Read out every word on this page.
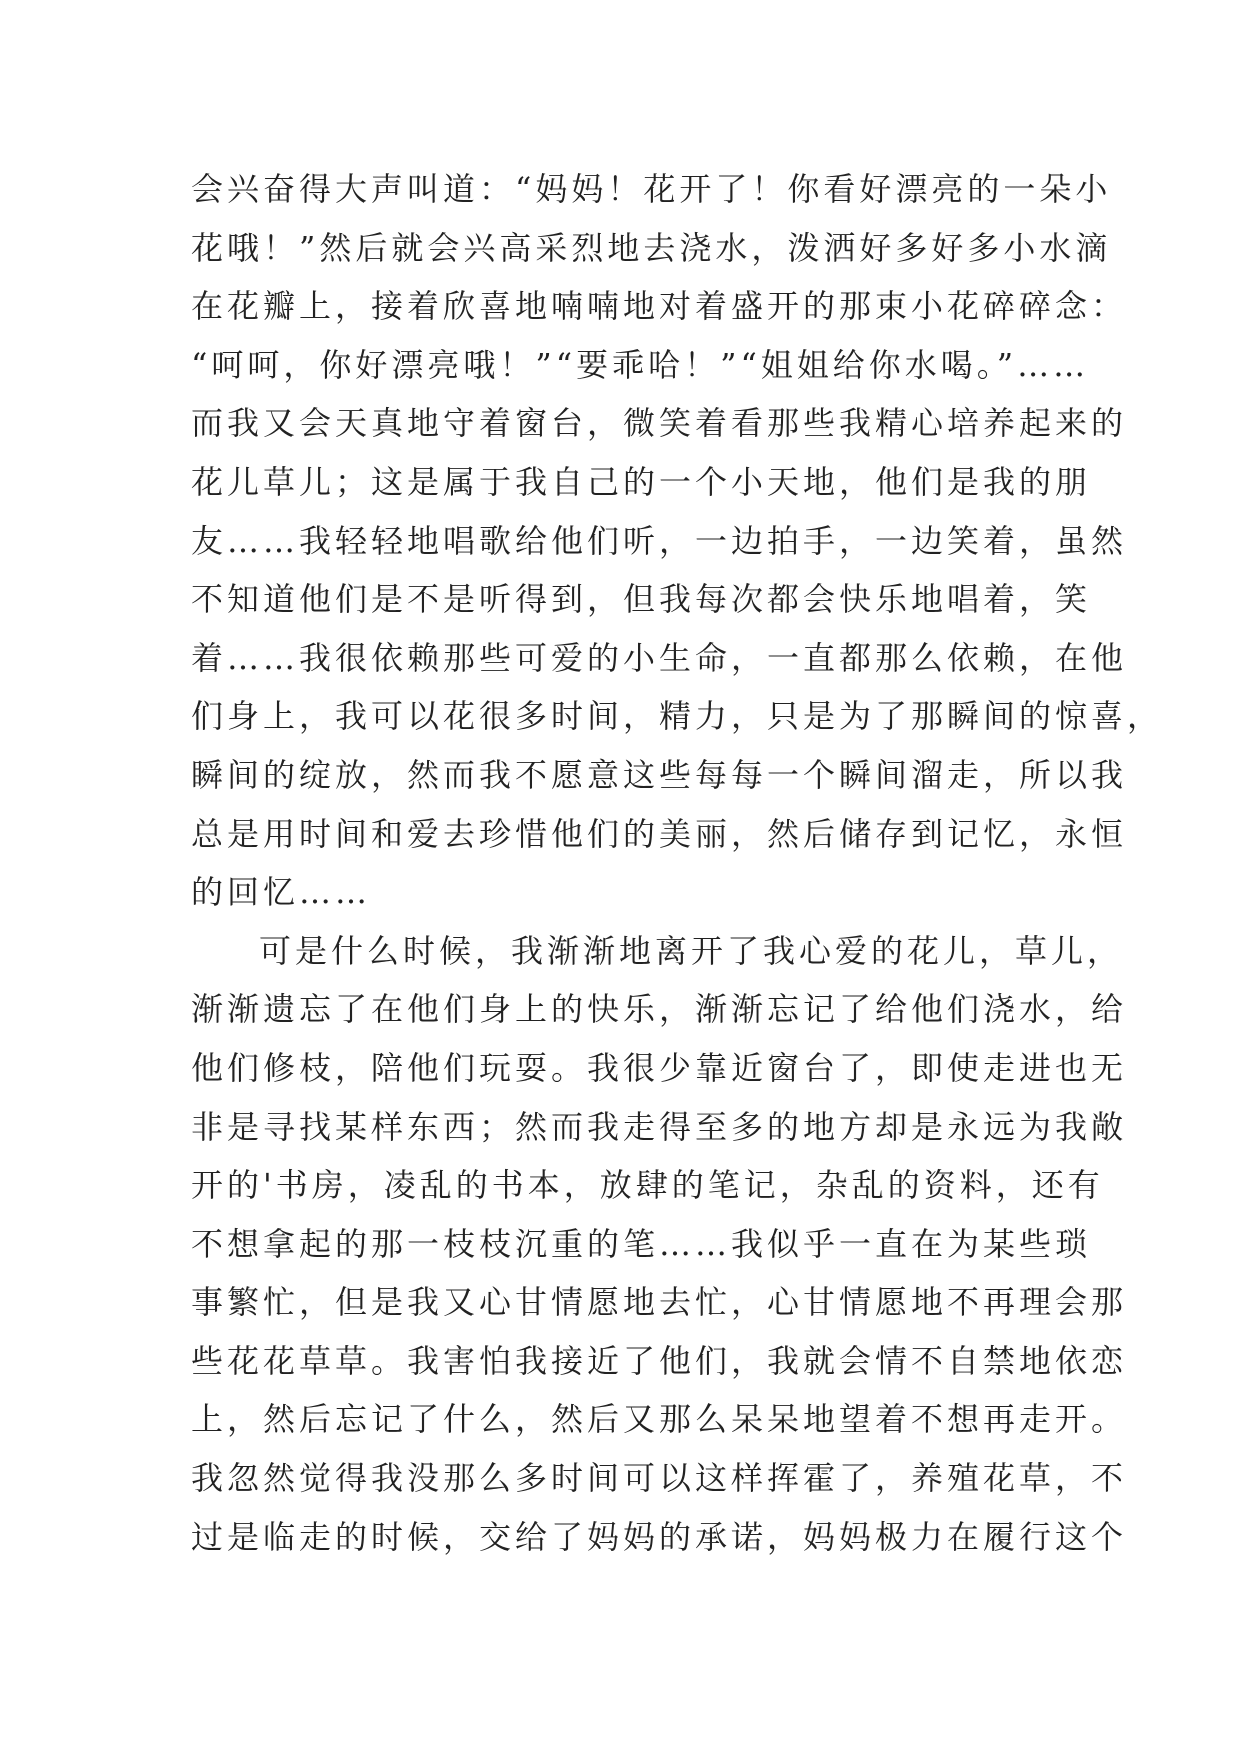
会兴奋得大声叫道：“妈妈！花开了！你看好漂亮的一朵小
花哦！”然后就会兴高采烈地去浇水，泼洒好多好多小水滴
在花瓣上，接着欣喜地喃喃地对着盛开的那束小花碎碎念：
“呵呵，你好漂亮哦！”“要乖哈！”“姐姐给你水喝。”……
而我又会天真地守着窗台，微笑着看那些我精心培养起来的
花儿草儿；这是属于我自己的一个小天地，他们是我的朋
友……我轻轻地唱歌给他们听，一边拍手，一边笑着，虽然
不知道他们是不是听得到，但我每次都会快乐地唱着，笑
着……我很依赖那些可爱的小生命，一直都那么依赖，在他
们身上，我可以花很多时间，精力，只是为了那瞬间的惊喜，
瞬间的绽放，然而我不愿意这些每每一个瞬间溜走，所以我
总是用时间和爱去珍惜他们的美丽，然后储存到记忆，永恒
的回忆……
可是什么时候，我渐渐地离开了我心爱的花儿，草儿，
渐渐遗忘了在他们身上的快乐，渐渐忘记了给他们浇水，给
他们修枝，陪他们玩耍。我很少靠近窗台了，即使走进也无
非是寻找某样东西；然而我走得至多的地方却是永远为我敞
开的'书房，凌乱的书本，放肆的笔记，杂乱的资料，还有
不想拿起的那一枝枝沉重的笔……我似乎一直在为某些琐
事繁忙，但是我又心甘情愿地去忙，心甘情愿地不再理会那
些花花草草。我害怕我接近了他们，我就会情不自禁地依恋
上，然后忘记了什么，然后又那么呆呆地望着不想再走开。
我忽然觉得我没那么多时间可以这样挥霍了，养殖花草，不
过是临走的时候，交给了妈妈的承诺，妈妈极力在履行这个
